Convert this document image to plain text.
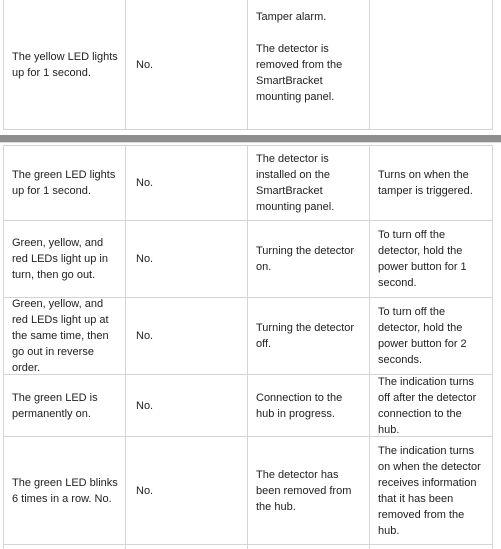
The yellow LED lights up for 1 second.
No.
Tamper alarm.

The detector is removed from the SmartBracket mounting panel.
The green LED lights up for 1 second.
No.
The detector is installed on the SmartBracket mounting panel.
Turns on when the tamper is triggered.
Green, yellow, and red LEDs light up in turn, then go out.
No.
Turning the detector on.
To turn off the detector, hold the power button for 1 second.
Green, yellow, and red LEDs light up at the same time, then go out in reverse order.
No.
Turning the detector off.
To turn off the detector, hold the power button for 2 seconds.
The green LED is permanently on.
No.
Connection to the hub in progress.
The indication turns off after the detector connection to the hub.
The green LED blinks 6 times in a row. No.
No.
The detector has been removed from the hub.
The indication turns on when the detector receives information that it has been removed from the hub.
